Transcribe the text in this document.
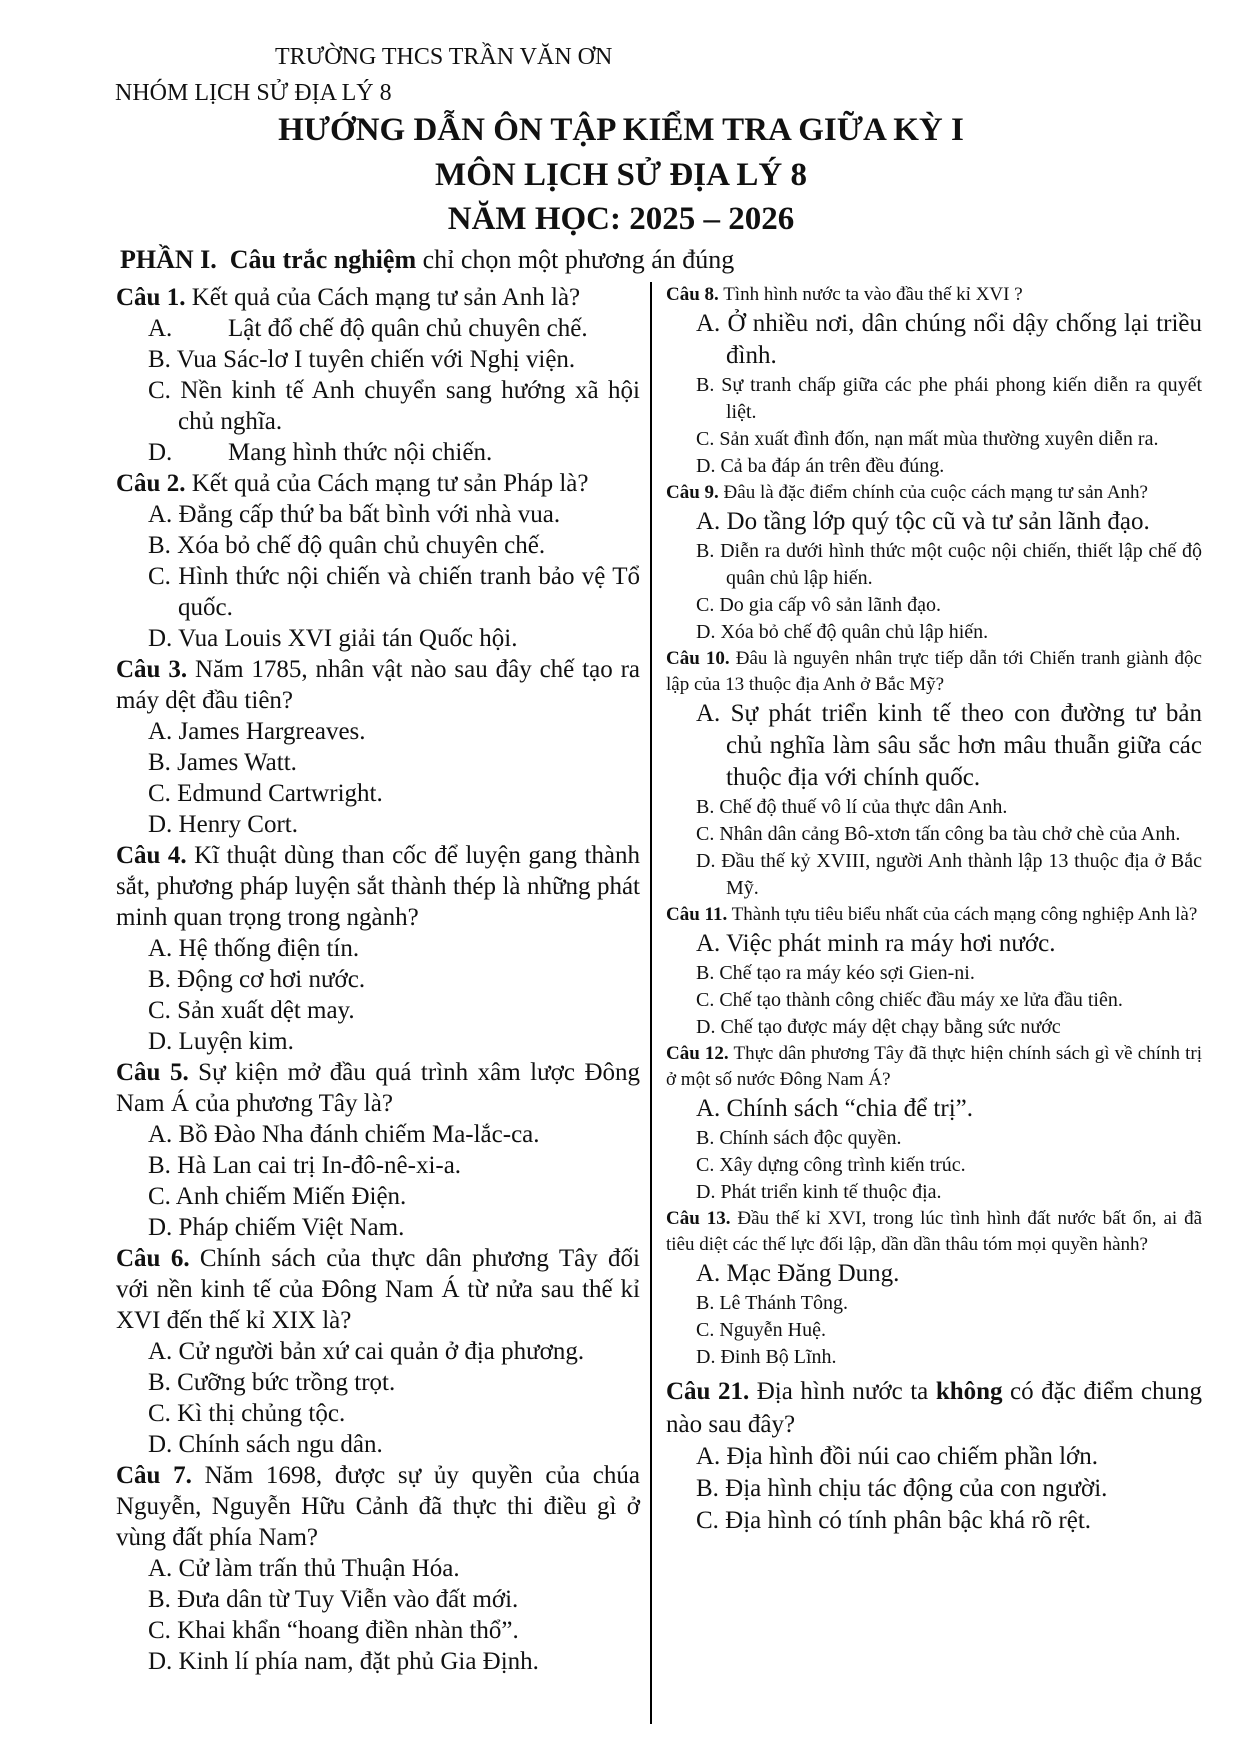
TRƯỜNG THCS TRẦN VĂN ƠN
NHÓM LỊCH SỬ ĐỊA LÝ 8
HƯỚNG DẪN ÔN TẬP KIỂM TRA GIỮA KỲ I
MÔN LỊCH SỬ ĐỊA LÝ 8
NĂM HỌC: 2025 – 2026
PHẦN I. Câu trắc nghiệm chỉ chọn một phương án đúng

Câu 1. Kết quả của Cách mạng tư sản Anh là?

A. Lật đổ chế độ quân chủ chuyên chế.

B. Vua Sác-lơ I tuyên chiến với Nghị viện.

C. Nền kinh tế Anh chuyển sang hướng xã hội chủ nghĩa.

D. Mang hình thức nội chiến.

Câu 2. Kết quả của Cách mạng tư sản Pháp là?

A. Đẳng cấp thứ ba bất bình với nhà vua.

B. Xóa bỏ chế độ quân chủ chuyên chế.

C. Hình thức nội chiến và chiến tranh bảo vệ Tổ quốc.

D. Vua Louis XVI giải tán Quốc hội.

Câu 3. Năm 1785, nhân vật nào sau đây chế tạo ra máy dệt đầu tiên?

A. James Hargreaves.

B. James Watt.

C. Edmund Cartwright.

D. Henry Cort.

Câu 4. Kĩ thuật dùng than cốc để luyện gang thành sắt, phương pháp luyện sắt thành thép là những phát minh quan trọng trong ngành?

A. Hệ thống điện tín.

B. Động cơ hơi nước.

C. Sản xuất dệt may.

D. Luyện kim.

Câu 5. Sự kiện mở đầu quá trình xâm lược Đông Nam Á của phương Tây là?

A. Bồ Đào Nha đánh chiếm Ma-lắc-ca.

B. Hà Lan cai trị In-đô-nê-xi-a.

C. Anh chiếm Miến Điện.

D. Pháp chiếm Việt Nam.

Câu 6. Chính sách của thực dân phương Tây đối với nền kinh tế của Đông Nam Á từ nửa sau thế kỉ XVI đến thế kỉ XIX là?

A. Cử người bản xứ cai quản ở địa phương.

B. Cưỡng bức trồng trọt.

C. Kì thị chủng tộc.

D. Chính sách ngu dân.

Câu 7. Năm 1698, được sự ủy quyền của chúa Nguyễn, Nguyễn Hữu Cảnh đã thực thi điều gì ở vùng đất phía Nam?

A. Cử làm trấn thủ Thuận Hóa.

B. Đưa dân từ Tuy Viễn vào đất mới.

C. Khai khẩn “hoang điền nhàn thổ”.

D. Kinh lí phía nam, đặt phủ Gia Định.

Câu 8. Tình hình nước ta vào đầu thế kỉ XVI ?

A. Ở nhiều nơi, dân chúng nổi dậy chống lại triều đình.

B. Sự tranh chấp giữa các phe phái phong kiến diễn ra quyết liệt.

C. Sản xuất đình đốn, nạn mất mùa thường xuyên diễn ra.

D. Cả ba đáp án trên đều đúng.

Câu 9. Đâu là đặc điểm chính của cuộc cách mạng tư sản Anh?

A. Do tầng lớp quý tộc cũ và tư sản lãnh đạo.

B. Diễn ra dưới hình thức một cuộc nội chiến, thiết lập chế độ quân chủ lập hiến.

C. Do gia cấp vô sản lãnh đạo.

D. Xóa bỏ chế độ quân chủ lập hiến.

Câu 10. Đâu là nguyên nhân trực tiếp dẫn tới Chiến tranh giành độc lập của 13 thuộc địa Anh ở Bắc Mỹ?

A. Sự phát triển kinh tế theo con đường tư bản chủ nghĩa làm sâu sắc hơn mâu thuẫn giữa các thuộc địa với chính quốc.

B. Chế độ thuế vô lí của thực dân Anh.

C. Nhân dân cảng Bô-xtơn tấn công ba tàu chở chè của Anh.

D. Đầu thế kỷ XVIII, người Anh thành lập 13 thuộc địa ở Bắc Mỹ.

Câu 11. Thành tựu tiêu biểu nhất của cách mạng công nghiệp Anh là?

A. Việc phát minh ra máy hơi nước.

B. Chế tạo ra máy kéo sợi Gien-ni.

C. Chế tạo thành công chiếc đầu máy xe lửa đầu tiên.

D. Chế tạo được máy dệt chạy bằng sức nước

Câu 12. Thực dân phương Tây đã thực hiện chính sách gì về chính trị ở một số nước Đông Nam Á?

A. Chính sách “chia để trị”.

B. Chính sách độc quyền.

C. Xây dựng công trình kiến trúc.

D. Phát triển kinh tế thuộc địa.

Câu 13. Đầu thế kỉ XVI, trong lúc tình hình đất nước bất ổn, ai đã tiêu diệt các thế lực đối lập, dần dần thâu tóm mọi quyền hành?

A. Mạc Đăng Dung.

B. Lê Thánh Tông.

C. Nguyễn Huệ.

D. Đinh Bộ Lĩnh.

Câu 21. Địa hình nước ta không có đặc điểm chung nào sau đây?

A. Địa hình đồi núi cao chiếm phần lớn.

B. Địa hình chịu tác động của con người.

C. Địa hình có tính phân bậc khá rõ rệt.
